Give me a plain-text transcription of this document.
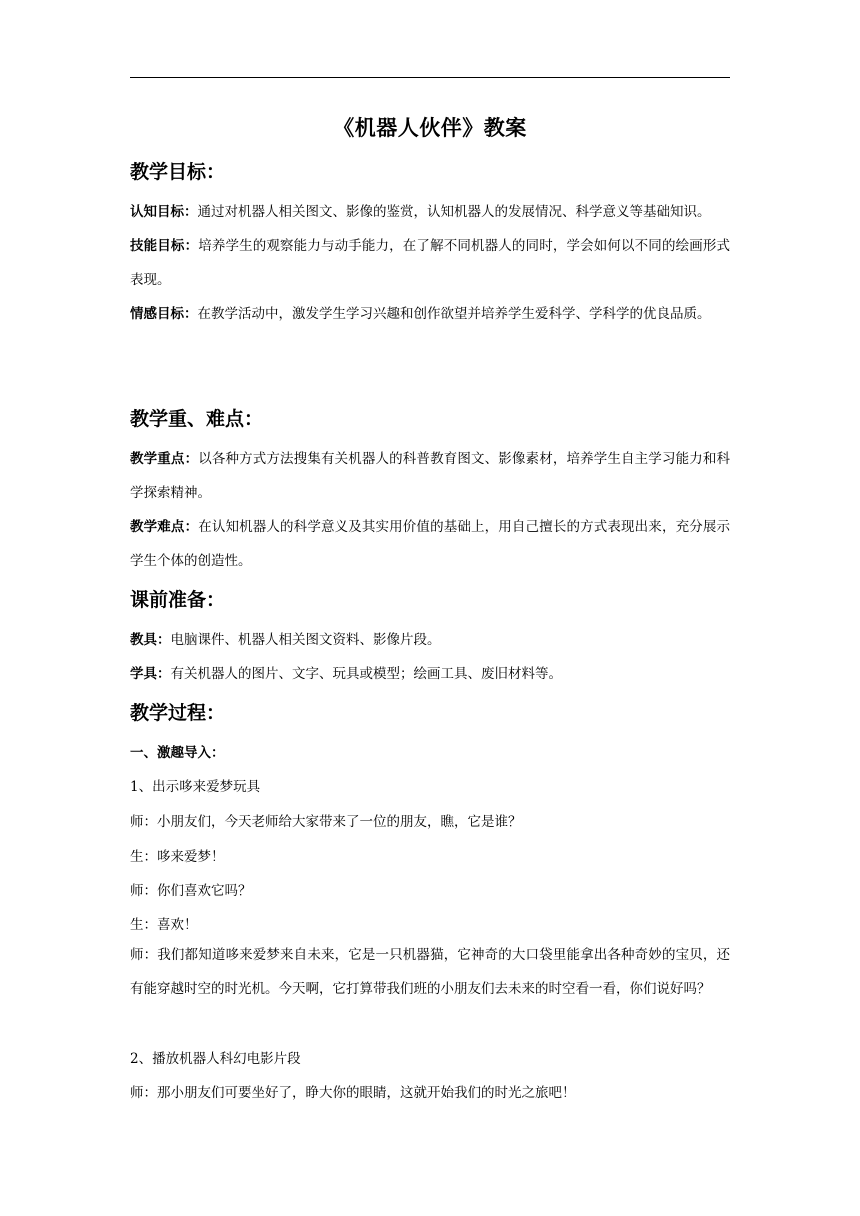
《机器人伙伴》教案
教学目标：

认知目标：通过对机器人相关图文、影像的鉴赏，认知机器人的发展情况、科学意义等基础知识。

技能目标：培养学生的观察能力与动手能力，在了解不同机器人的同时，学会如何以不同的绘画形式表现。

情感目标：在教学活动中，激发学生学习兴趣和创作欲望并培养学生爱科学、学科学的优良品质。

教学重、难点：

教学重点：以各种方式方法搜集有关机器人的科普教育图文、影像素材，培养学生自主学习能力和科学探索精神。

教学难点：在认知机器人的科学意义及其实用价值的基础上，用自己擅长的方式表现出来，充分展示学生个体的创造性。

课前准备：

教具：电脑课件、机器人相关图文资料、影像片段。

学具：有关机器人的图片、文字、玩具或模型；绘画工具、废旧材料等。

教学过程：

一、激趣导入：

1、出示哆来爱梦玩具

师：小朋友们，今天老师给大家带来了一位的朋友，瞧，它是谁？

生：哆来爱梦！

师：你们喜欢它吗？

生：喜欢！

师：我们都知道哆来爱梦来自未来，它是一只机器猫，它神奇的大口袋里能拿出各种奇妙的宝贝，还有能穿越时空的时光机。今天啊，它打算带我们班的小朋友们去未来的时空看一看，你们说好吗？

2、播放机器人科幻电影片段

师：那小朋友们可要坐好了，睁大你的眼睛，这就开始我们的时光之旅吧！
